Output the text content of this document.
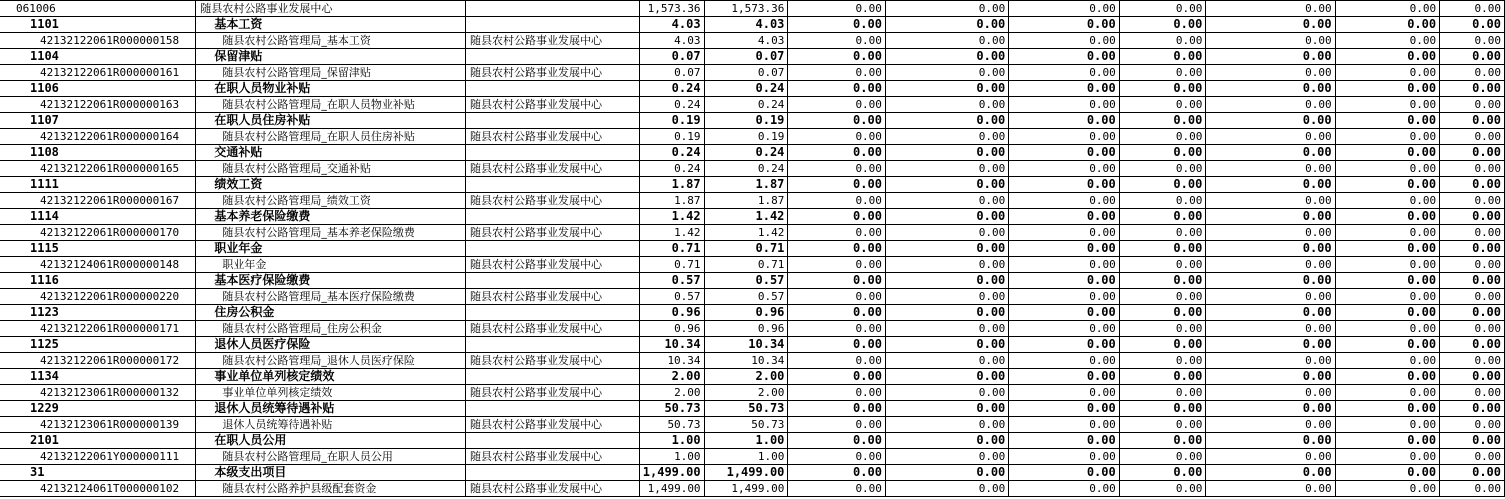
061006	随县农村公路事业发展中心		1,573.36	1,573.36	0.00	0.00	0.00	0.00	0.00	0.00	0.00
1101	基本工资		4.03	4.03	0.00	0.00	0.00	0.00	0.00	0.00	0.00
42132122061R000000158	随县农村公路管理局_基本工资	随县农村公路事业发展中心	4.03	4.03	0.00	0.00	0.00	0.00	0.00	0.00	0.00
1104	保留津贴		0.07	0.07	0.00	0.00	0.00	0.00	0.00	0.00	0.00
42132122061R000000161	随县农村公路管理局_保留津贴	随县农村公路事业发展中心	0.07	0.07	0.00	0.00	0.00	0.00	0.00	0.00	0.00
1106	在职人员物业补贴		0.24	0.24	0.00	0.00	0.00	0.00	0.00	0.00	0.00
42132122061R000000163	随县农村公路管理局_在职人员物业补贴	随县农村公路事业发展中心	0.24	0.24	0.00	0.00	0.00	0.00	0.00	0.00	0.00
1107	在职人员住房补贴		0.19	0.19	0.00	0.00	0.00	0.00	0.00	0.00	0.00
42132122061R000000164	随县农村公路管理局_在职人员住房补贴	随县农村公路事业发展中心	0.19	0.19	0.00	0.00	0.00	0.00	0.00	0.00	0.00
1108	交通补贴		0.24	0.24	0.00	0.00	0.00	0.00	0.00	0.00	0.00
42132122061R000000165	随县农村公路管理局_交通补贴	随县农村公路事业发展中心	0.24	0.24	0.00	0.00	0.00	0.00	0.00	0.00	0.00
1111	绩效工资		1.87	1.87	0.00	0.00	0.00	0.00	0.00	0.00	0.00
42132122061R000000167	随县农村公路管理局_绩效工资	随县农村公路事业发展中心	1.87	1.87	0.00	0.00	0.00	0.00	0.00	0.00	0.00
1114	基本养老保险缴费		1.42	1.42	0.00	0.00	0.00	0.00	0.00	0.00	0.00
42132122061R000000170	随县农村公路管理局_基本养老保险缴费	随县农村公路事业发展中心	1.42	1.42	0.00	0.00	0.00	0.00	0.00	0.00	0.00
1115	职业年金		0.71	0.71	0.00	0.00	0.00	0.00	0.00	0.00	0.00
42132124061R000000148	职业年金	随县农村公路事业发展中心	0.71	0.71	0.00	0.00	0.00	0.00	0.00	0.00	0.00
1116	基本医疗保险缴费		0.57	0.57	0.00	0.00	0.00	0.00	0.00	0.00	0.00
42132122061R000000220	随县农村公路管理局_基本医疗保险缴费	随县农村公路事业发展中心	0.57	0.57	0.00	0.00	0.00	0.00	0.00	0.00	0.00
1123	住房公积金		0.96	0.96	0.00	0.00	0.00	0.00	0.00	0.00	0.00
42132122061R000000171	随县农村公路管理局_住房公积金	随县农村公路事业发展中心	0.96	0.96	0.00	0.00	0.00	0.00	0.00	0.00	0.00
1125	退休人员医疗保险		10.34	10.34	0.00	0.00	0.00	0.00	0.00	0.00	0.00
42132122061R000000172	随县农村公路管理局_退休人员医疗保险	随县农村公路事业发展中心	10.34	10.34	0.00	0.00	0.00	0.00	0.00	0.00	0.00
1134	事业单位单列核定绩效		2.00	2.00	0.00	0.00	0.00	0.00	0.00	0.00	0.00
42132123061R000000132	事业单位单列核定绩效	随县农村公路事业发展中心	2.00	2.00	0.00	0.00	0.00	0.00	0.00	0.00	0.00
1229	退休人员统筹待遇补贴		50.73	50.73	0.00	0.00	0.00	0.00	0.00	0.00	0.00
42132123061R000000139	退休人员统筹待遇补贴	随县农村公路事业发展中心	50.73	50.73	0.00	0.00	0.00	0.00	0.00	0.00	0.00
2101	在职人员公用		1.00	1.00	0.00	0.00	0.00	0.00	0.00	0.00	0.00
42132122061Y000000111	随县农村公路管理局_在职人员公用	随县农村公路事业发展中心	1.00	1.00	0.00	0.00	0.00	0.00	0.00	0.00	0.00
31	本级支出项目		1,499.00	1,499.00	0.00	0.00	0.00	0.00	0.00	0.00	0.00
42132124061T000000102	随县农村公路养护县级配套资金	随县农村公路事业发展中心	1,499.00	1,499.00	0.00	0.00	0.00	0.00	0.00	0.00	0.00
